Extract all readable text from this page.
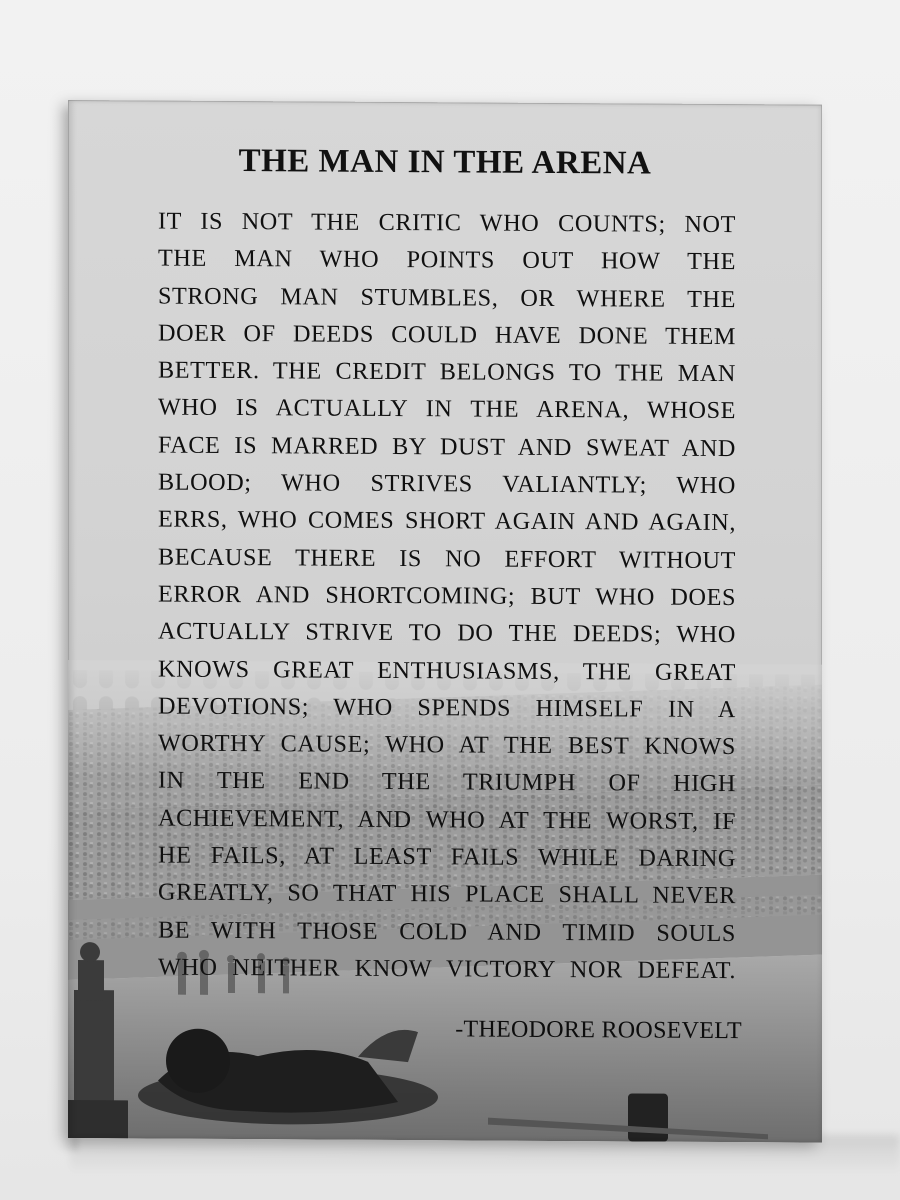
THE MAN IN THE ARENA
IT IS NOT THE CRITIC WHO COUNTS; NOT
THE MAN WHO POINTS OUT HOW THE
STRONG MAN STUMBLES, OR WHERE THE
DOER OF DEEDS COULD HAVE DONE THEM
BETTER. THE CREDIT BELONGS TO THE MAN
WHO IS ACTUALLY IN THE ARENA, WHOSE
FACE IS MARRED BY DUST AND SWEAT AND
BLOOD; WHO STRIVES VALIANTLY; WHO
ERRS, WHO COMES SHORT AGAIN AND AGAIN,
BECAUSE THERE IS NO EFFORT WITHOUT
ERROR AND SHORTCOMING; BUT WHO DOES
ACTUALLY STRIVE TO DO THE DEEDS; WHO
KNOWS GREAT ENTHUSIASMS, THE GREAT
DEVOTIONS; WHO SPENDS HIMSELF IN A
WORTHY CAUSE; WHO AT THE BEST KNOWS
IN THE END THE TRIUMPH OF HIGH
ACHIEVEMENT, AND WHO AT THE WORST, IF
HE FAILS, AT LEAST FAILS WHILE DARING
GREATLY, SO THAT HIS PLACE SHALL NEVER
BE WITH THOSE COLD AND TIMID SOULS
WHO NEITHER KNOW VICTORY NOR DEFEAT.
-THEODORE ROOSEVELT
